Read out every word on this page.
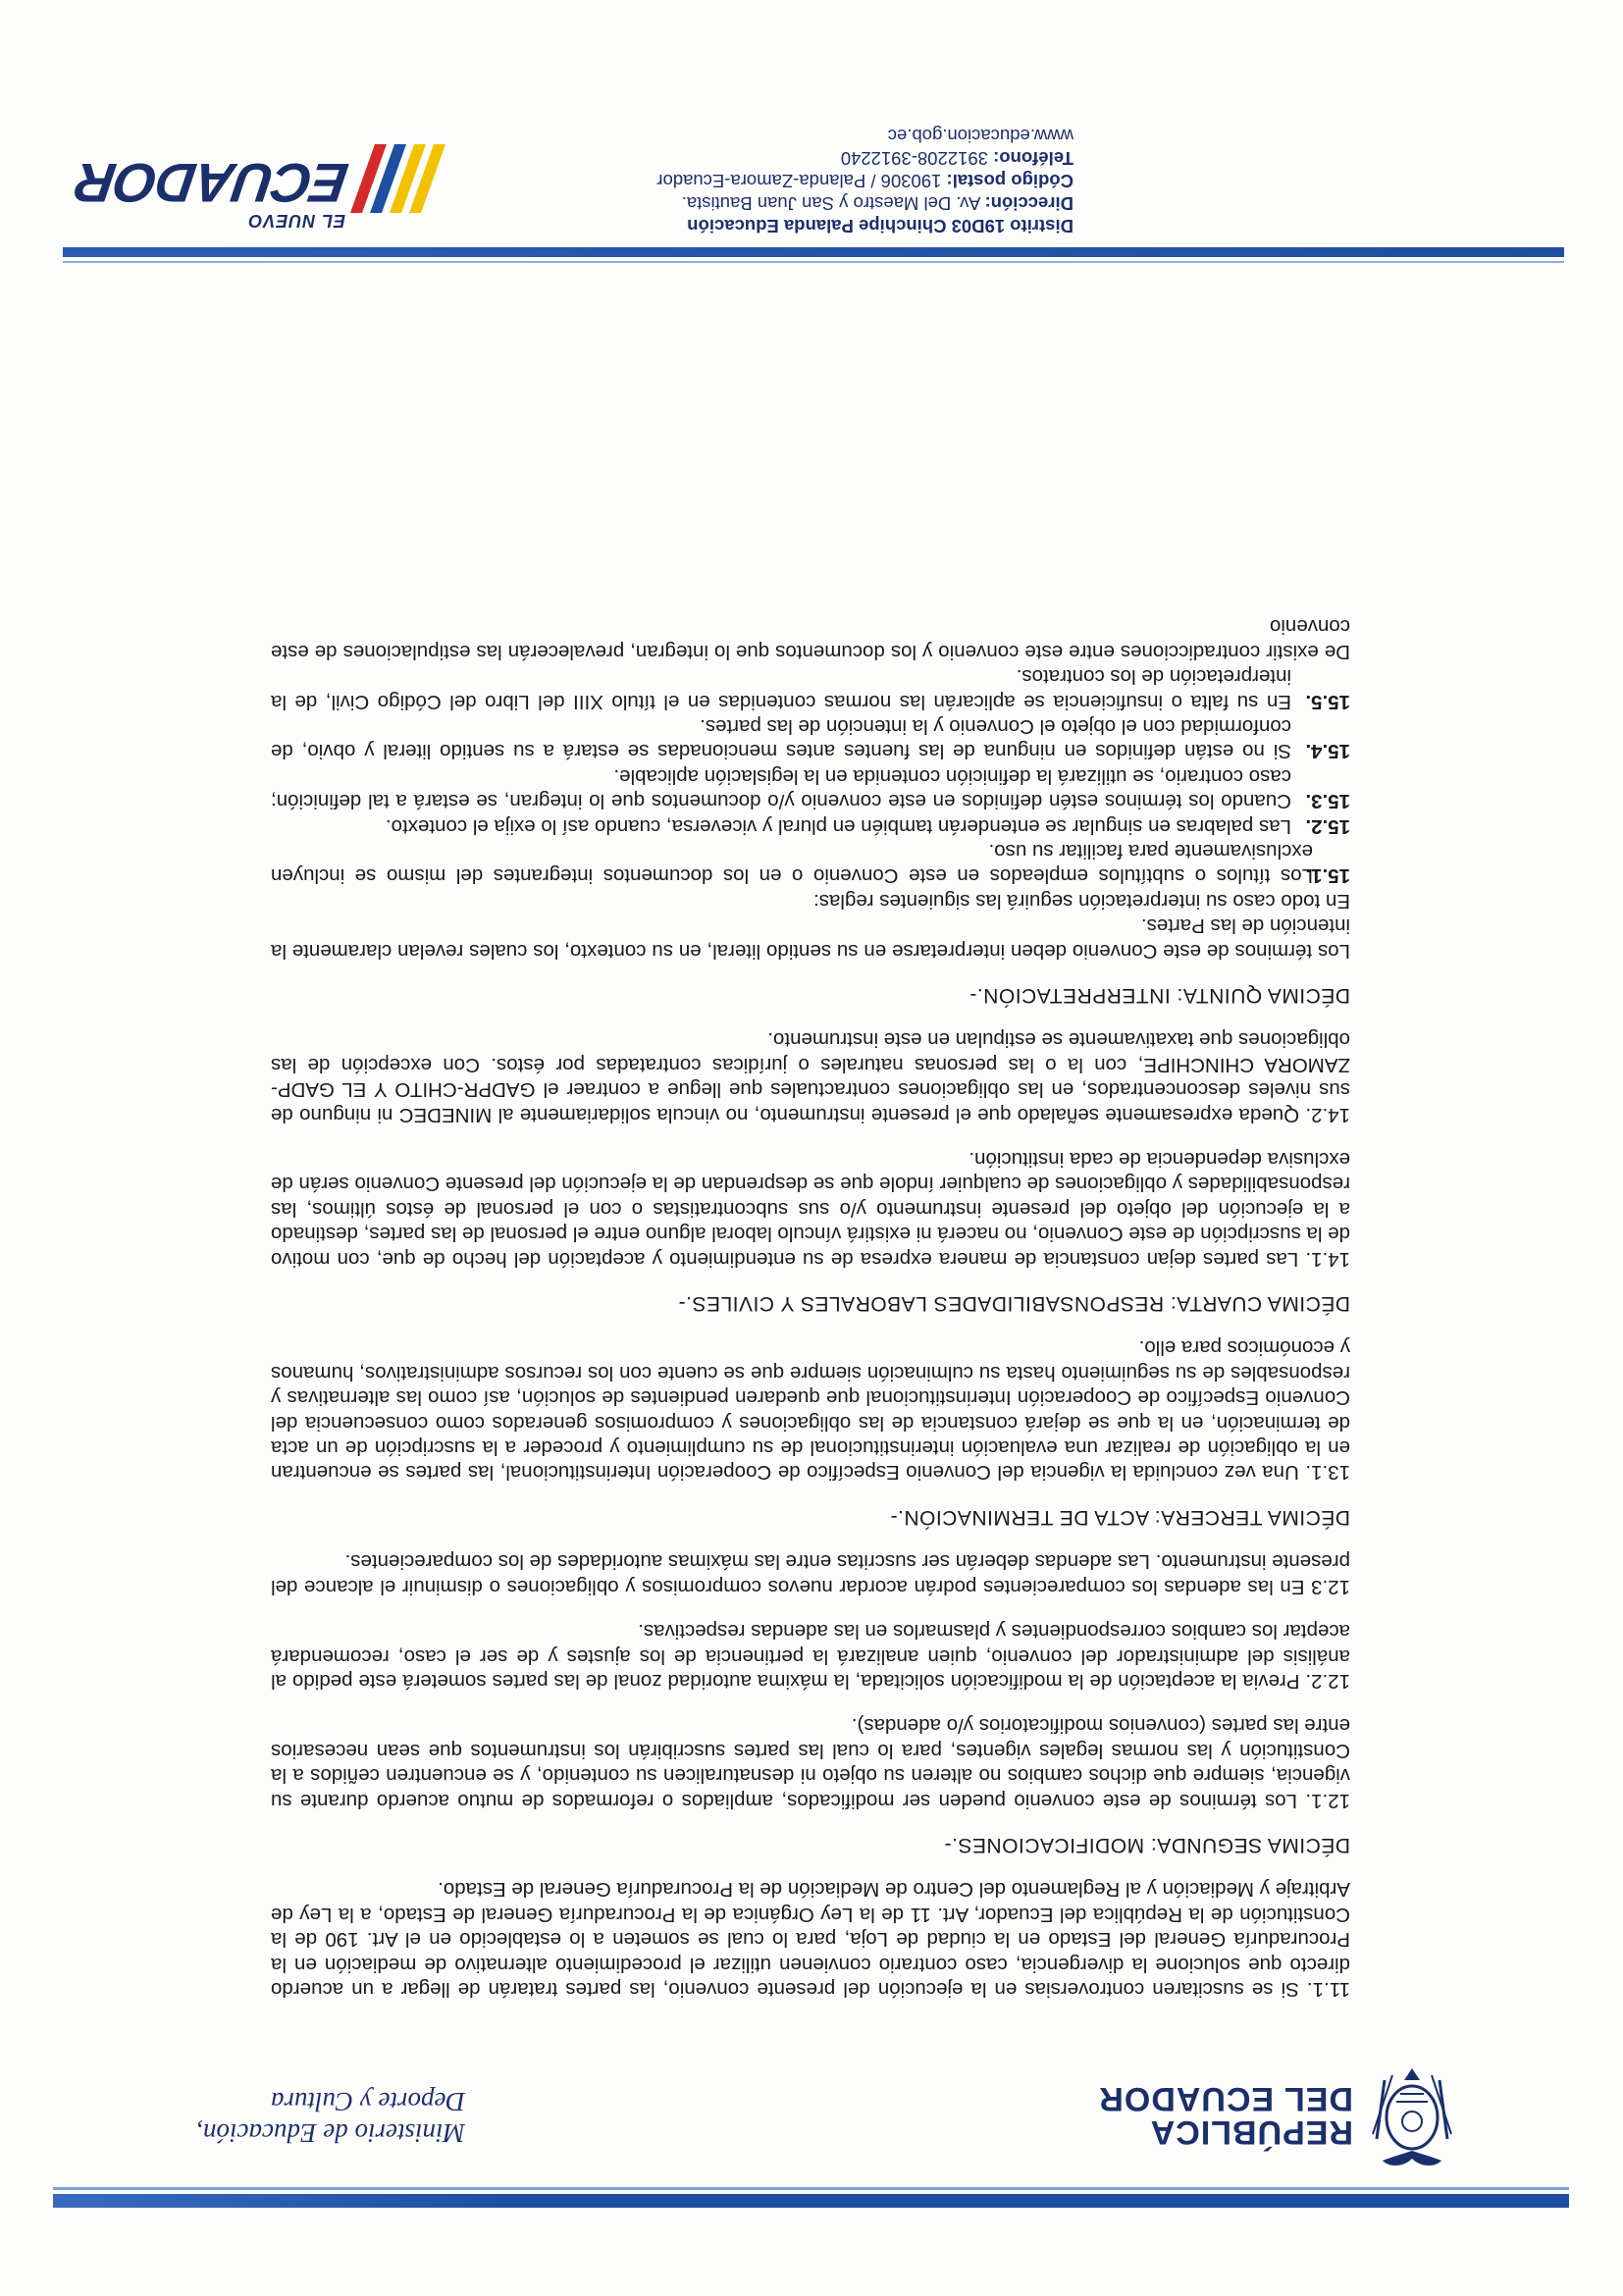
REPÚBLICA
DEL ECUADOR
Ministerio de Educación,
Deporte y Cultura

11.1. Si se suscitaren controversias en la ejecución del presente convenio, las partes tratarán de llegar a un acuerdo directo que solucione la divergencia, caso contrario convienen utilizar el procedimiento alternativo de mediación en la Procuraduría General del Estado en la ciudad de Loja, para lo cual se someten a lo establecido en el Art. 190 de la Constitución de la República del Ecuador, Art. 11 de la Ley Orgánica de la Procuraduría General de Estado, a la Ley de Arbitraje y Mediación y al Reglamento del Centro de Mediación de la Procuraduría General de Estado.

DÉCIMA SEGUNDA: MODIFICACIONES.-

12.1. Los términos de este convenio pueden ser modificados, ampliados o reformados de mutuo acuerdo durante su vigencia, siempre que dichos cambios no alteren su objeto ni desnaturalicen su contenido, y se encuentren ceñidos a la Constitución y las normas legales vigentes, para lo cual las partes suscribirán los instrumentos que sean necesarios entre las partes (convenios modificatorios y/o adendas).

12.2. Previa la aceptación de la modificación solicitada, la máxima autoridad zonal de las partes someterá este pedido al análisis del administrador del convenio, quien analizará la pertinencia de los ajustes y de ser el caso, recomendará aceptar los cambios correspondientes y plasmarlos en las adendas respectivas.

12.3 En las adendas los comparecientes podrán acordar nuevos compromisos y obligaciones o disminuir el alcance del presente instrumento. Las adendas deberán ser suscritas entre las máximas autoridades de los comparecientes.

DÉCIMA TERCERA: ACTA DE TERMINACIÓN.-

13.1. Una vez concluida la vigencia del Convenio Específico de Cooperación Interinstitucional, las partes se encuentran en la obligación de realizar una evaluación interinstitucional de su cumplimiento y proceder a la suscripción de un acta de terminación, en la que se dejará constancia de las obligaciones y compromisos generados como consecuencia del Convenio Específico de Cooperación Interinstitucional que quedaren pendientes de solución, así como las alternativas y responsables de su seguimiento hasta su culminación siempre que se cuente con los recursos administrativos, humanos y económicos para ello.

DÉCIMA CUARTA: RESPONSABILIDADES LABORALES Y CIVILES.-

14.1. Las partes dejan constancia de manera expresa de su entendimiento y aceptación del hecho de que, con motivo de la suscripción de este Convenio, no nacerá ni existirá vínculo laboral alguno entre el personal de las partes, destinado a la ejecución del objeto del presente instrumento y/o sus subcontratistas o con el personal de éstos últimos, las responsabilidades y obligaciones de cualquier índole que se desprendan de la ejecución del presente Convenio serán de exclusiva dependencia de cada institución.

14.2. Queda expresamente señalado que el presente instrumento, no vincula solidariamente al MINEDEC ni ninguno de sus niveles desconcentrados, en las obligaciones contractuales que llegue a contraer el GADPR-CHITO Y EL GADP-ZAMORA CHINCHIPE, con la o las personas naturales o jurídicas contratadas por éstos. Con excepción de las obligaciones que taxativamente se estipulan en este instrumento.

DÉCIMA QUINTA: INTERPRETACIÓN.-

Los términos de este Convenio deben interpretarse en su sentido literal, en su contexto, los cuales revelan claramente la intención de las Partes.

En todo caso su interpretación seguirá las siguientes reglas:

15.1.
Los títulos o subtítulos empleados en este Convenio o en los documentos integrantes del mismo se incluyen exclusivamente para facilitar su uso.
15.2.
Las palabras en singular se entenderán también en plural y viceversa, cuando así lo exija el contexto.
15.3.
Cuando los términos estén definidos en este convenio y/o documentos que lo integran, se estará a tal definición; caso contrario, se utilizará la definición contenida en la legislación aplicable.
15.4.
Si no están definidos en ninguna de las fuentes antes mencionadas se estará a su sentido literal y obvio, de conformidad con el objeto el Convenio y la intención de las partes.
15.5.
En su falta o insuficiencia se aplicarán las normas contenidas en el título XIII del Libro del Código Civil, de la interpretación de los contratos.

De existir contradicciones entre este convenio y los documentos que lo integran, prevalecerán las estipulaciones de este convenio

Distrito 19D03 Chinchipe Palanda Educación
Dirección: Av. Del Maestro y San Juan Bautista.
Código postal: 190306 / Palanda-Zamora-Ecuador
Teléfono: 3912208-3912240
www.educacion.gob.ec
EL NUEVO
ECUADOR
